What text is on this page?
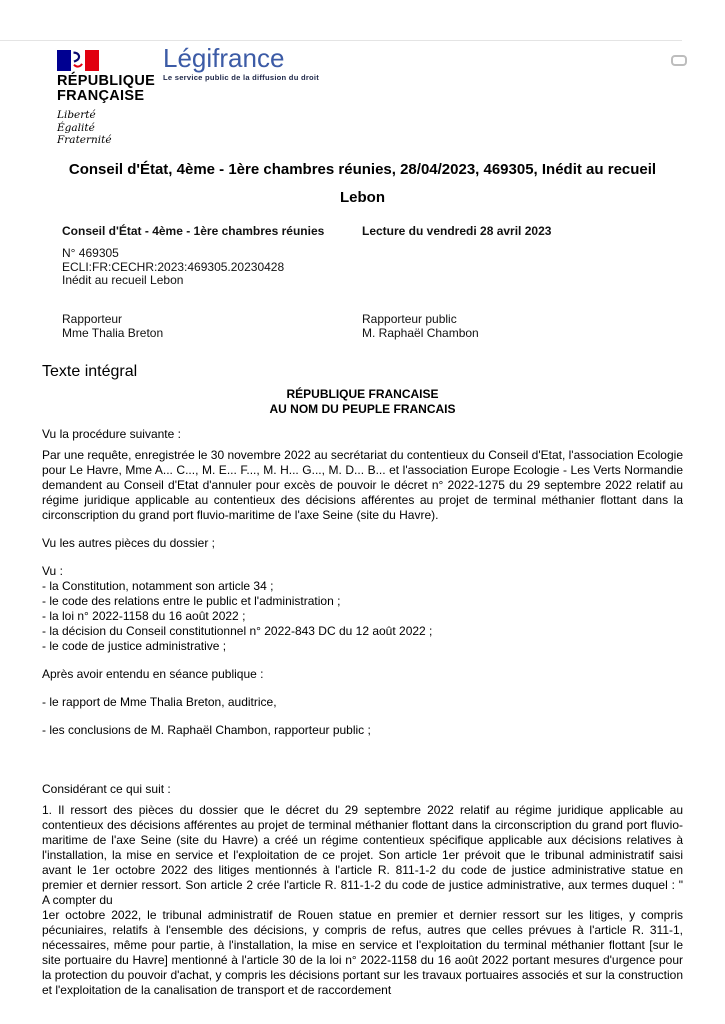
RÉPUBLIQUE
FRANÇAISE
Liberté
Égalité
Fraternité
Légifrance
Le service public de la diffusion du droit
Conseil d'État, 4ème - 1ère chambres réunies, 28/04/2023, 469305, Inédit au recueil
Lebon
Conseil d'État - 4ème - 1ère chambres réunies	Lecture du vendredi 28 avril 2023
N° 469305
ECLI:FR:CECHR:2023:469305.20230428
Inédit au recueil Lebon
Rapporteur
Mme Thalia Breton
Rapporteur public
M. Raphaël Chambon
Texte intégral
RÉPUBLIQUE FRANCAISE
AU NOM DU PEUPLE FRANCAIS

Vu la procédure suivante :

Par une requête, enregistrée le 30 novembre 2022 au secrétariat du contentieux du Conseil d'Etat, l'association Ecologie pour Le Havre, Mme A... C..., M. E... F..., M. H... G..., M. D... B... et l'association Europe Ecologie - Les Verts Normandie demandent au Conseil d'Etat d'annuler pour excès de pouvoir le décret n° 2022-1275 du 29 septembre 2022 relatif au régime juridique applicable au contentieux des décisions afférentes au projet de terminal méthanier flottant dans la circonscription du grand port fluvio-maritime de l'axe Seine (site du Havre).

Vu les autres pièces du dossier ;

Vu :
- la Constitution, notamment son article 34 ;
- le code des relations entre le public et l'administration ;
- la loi n° 2022-1158 du 16 août 2022 ;
- la décision du Conseil constitutionnel n° 2022-843 DC du 12 août 2022 ;
- le code de justice administrative ;

Après avoir entendu en séance publique :

- le rapport de Mme Thalia Breton, auditrice,

- les conclusions de M. Raphaël Chambon, rapporteur public ;

Considérant ce qui suit :

1. Il ressort des pièces du dossier que le décret du 29 septembre 2022 relatif au régime juridique applicable au contentieux des décisions afférentes au projet de terminal méthanier flottant dans la circonscription du grand port fluvio-maritime de l'axe Seine (site du Havre) a créé un régime contentieux spécifique applicable aux décisions relatives à l'installation, la mise en service et l'exploitation de ce projet. Son article 1er prévoit que le tribunal administratif saisi avant le 1er octobre 2022 des litiges mentionnés à l'article R. 811-1-2 du code de justice administrative statue en premier et dernier ressort. Son article 2 crée l'article R. 811-1-2 du code de justice administrative, aux termes duquel : " A compter du
1er octobre 2022, le tribunal administratif de Rouen statue en premier et dernier ressort sur les litiges, y compris pécuniaires, relatifs à l'ensemble des décisions, y compris de refus, autres que celles prévues à l'article R. 311-1, nécessaires, même pour partie, à l'installation, la mise en service et l'exploitation du terminal méthanier flottant [sur le site portuaire du Havre] mentionné à l'article 30 de la loi n° 2022-1158 du 16 août 2022 portant mesures d'urgence pour la protection du pouvoir d'achat, y compris les décisions portant sur les travaux portuaires associés et sur la construction et l'exploitation de la canalisation de transport et de raccordement
